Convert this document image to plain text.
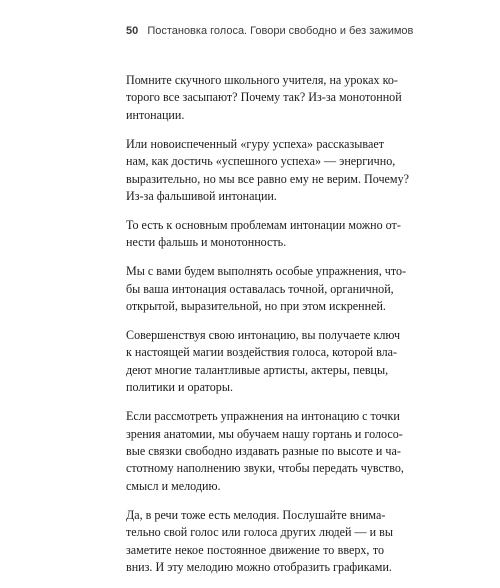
50 Постановка голоса. Говори свободно и без зажимов

Помните скучного школьного учителя, на уроках ко-
торого все засыпают? Почему так? Из-за монотонной
интонации.

Или новоиспеченный «гуру успеха» рассказывает
нам, как достичь «успешного успеха» — энергично,
выразительно, но мы все равно ему не верим. Почему?
Из-за фальшивой интонации.

То есть к основным проблемам интонации можно от-
нести фальшь и монотонность.

Мы с вами будем выполнять особые упражнения, что-
бы ваша интонация оставалась точной, органичной,
открытой, выразительной, но при этом искренней.

Совершенствуя свою интонацию, вы получаете ключ
к настоящей магии воздействия голоса, которой вла-
деют многие талантливые артисты, актеры, певцы,
политики и ораторы.

Если рассмотреть упражнения на интонацию с точки
зрения анатомии, мы обучаем нашу гортань и голосо-
вые связки свободно издавать разные по высоте и ча-
стотному наполнению звуки, чтобы передать чувство,
смысл и мелодию.

Да, в речи тоже есть мелодия. Послушайте внима-
тельно свой голос или голоса других людей — и вы
заметите некое постоянное движение то вверх, то
вниз. И эту мелодию можно отобразить графиками.
